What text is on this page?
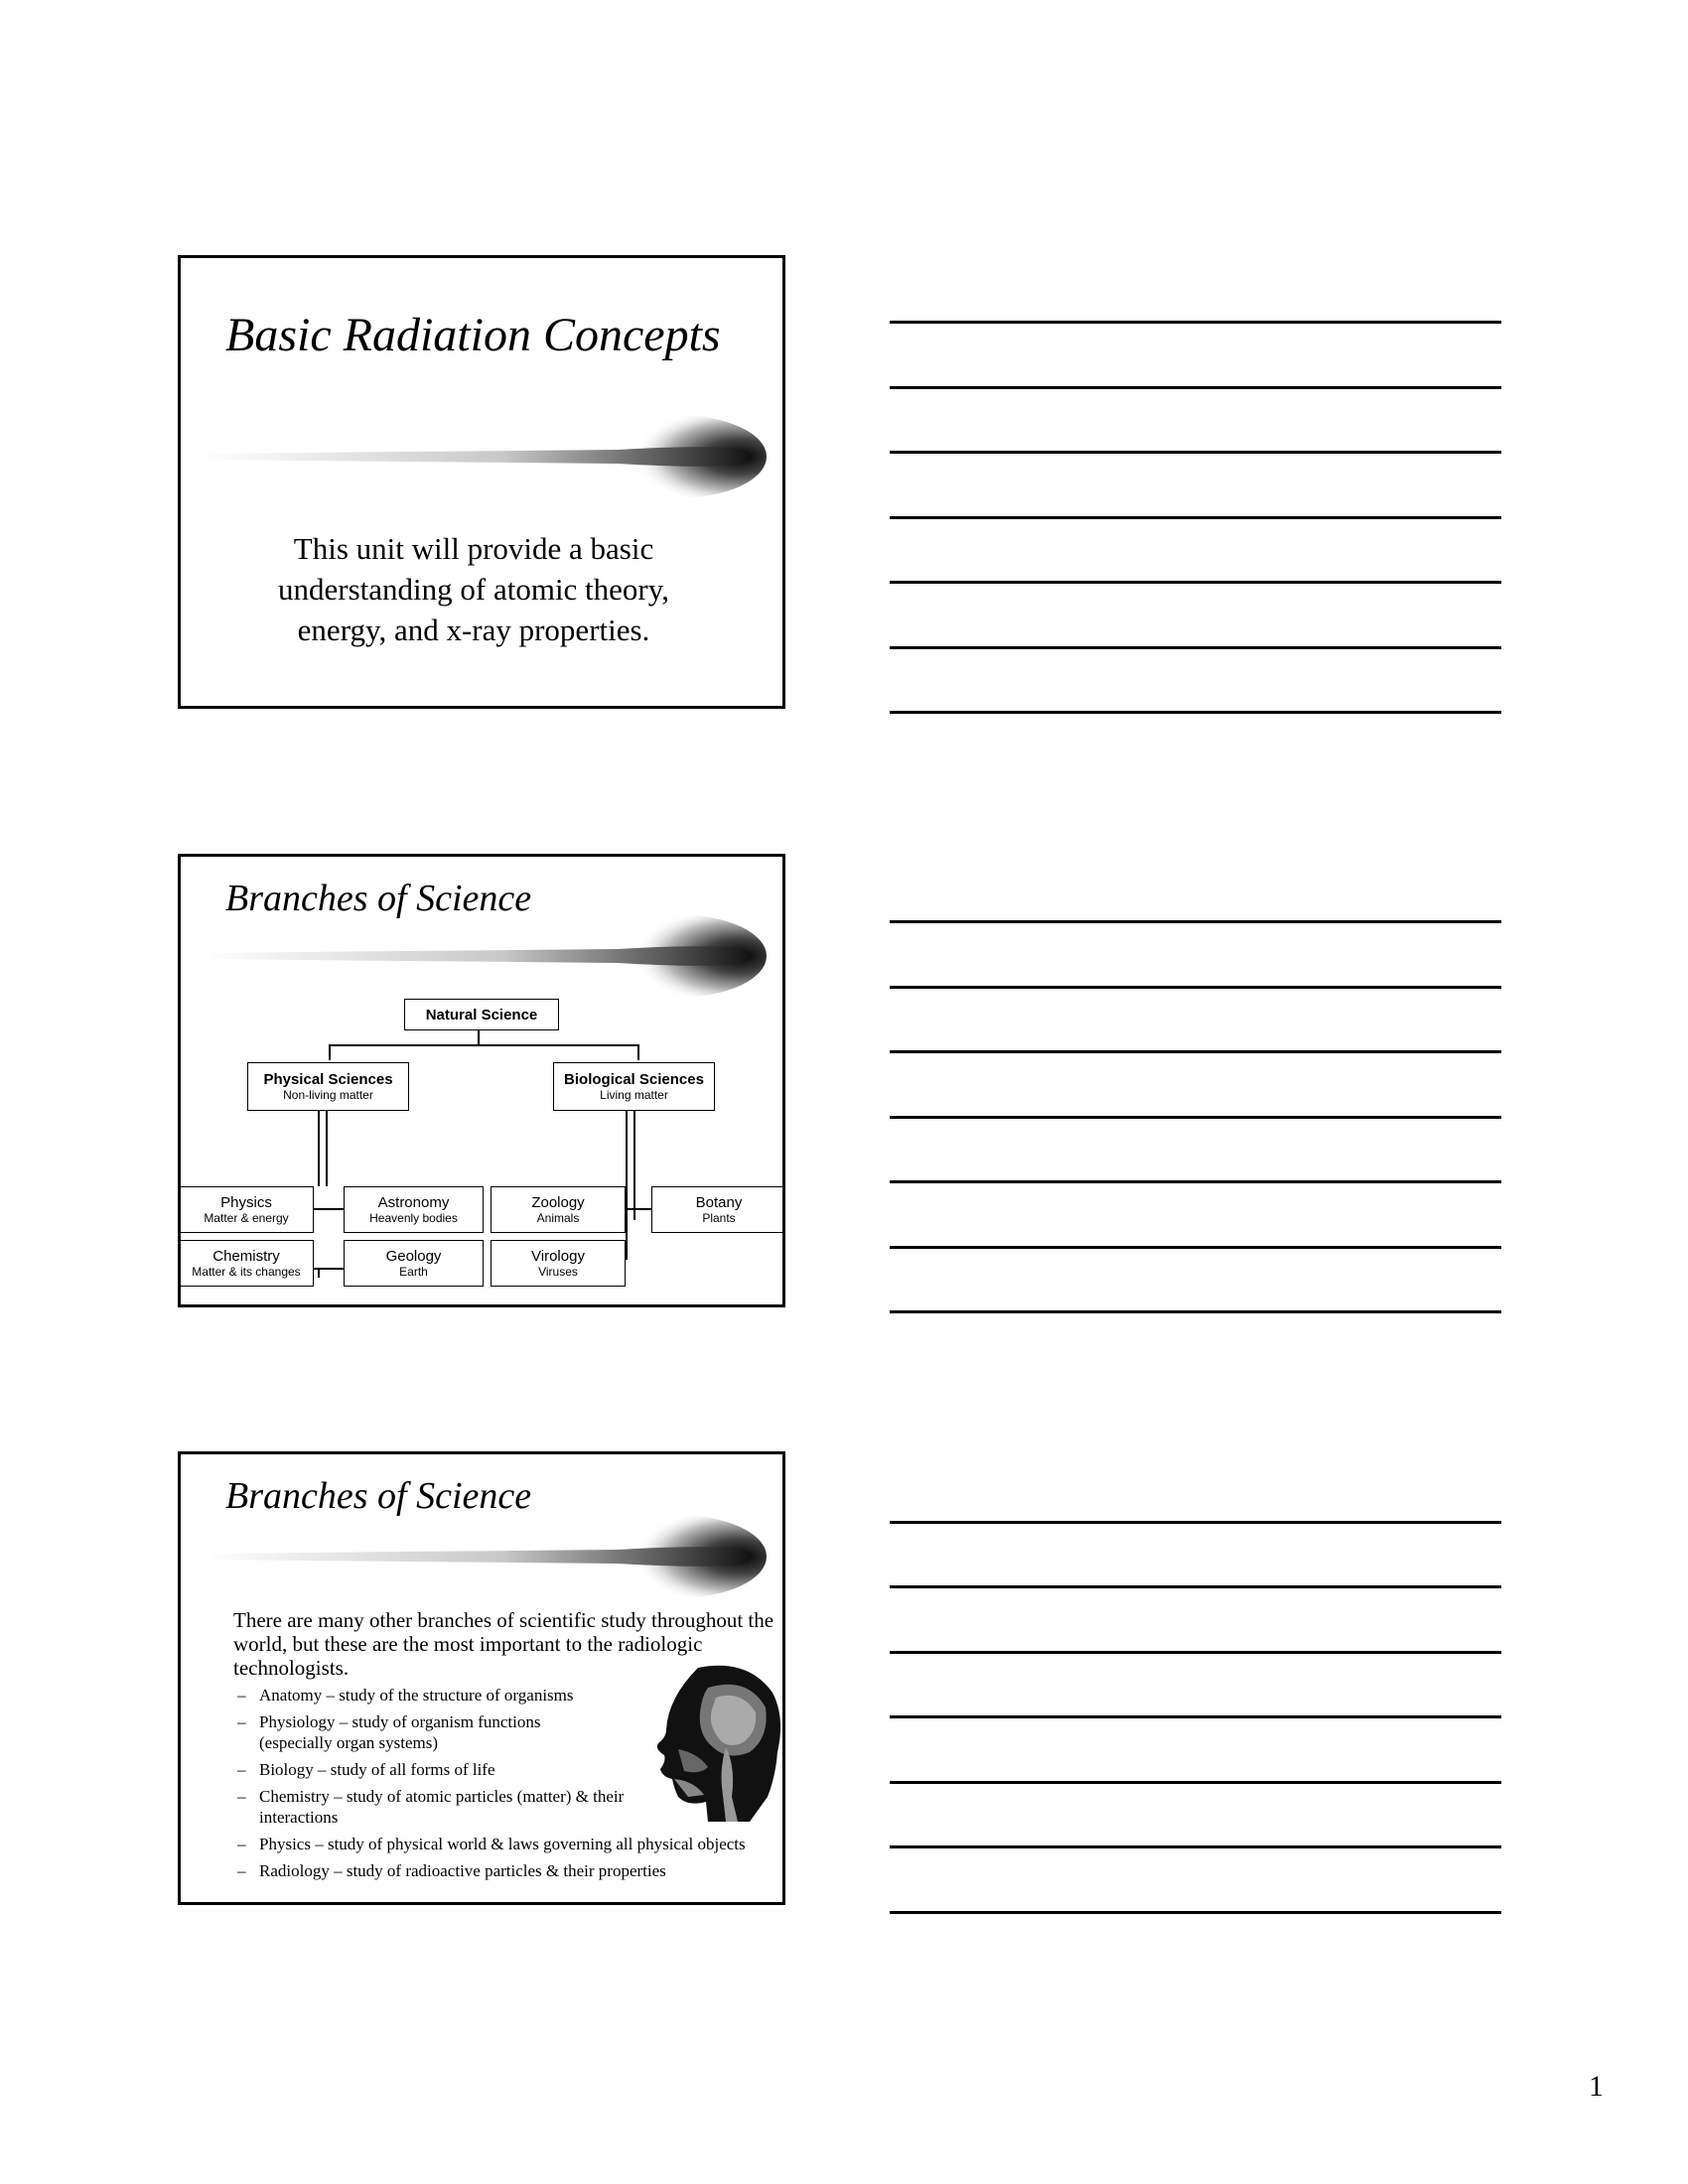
Basic Radiation Concepts
This unit will provide a basic understanding of atomic theory, energy, and x-ray properties.
Branches of Science
Natural Science
Physical Sciences
Non-living matter
Biological Sciences
Living matter
Physics
Matter & energy
Chemistry
Matter & its changes
Astronomy
Heavenly bodies
Geology
Earth
Zoology
Animals
Virology
Viruses
Botany
Plants
Branches of Science
There are many other branches of scientific study throughout the world, but these are the most important to the radiologic technologists.
– Anatomy – study of the structure of organisms
– Physiology – study of organism functions (especially organ systems)
– Biology – study of all forms of life
– Chemistry – study of atomic particles (matter) & their interactions
– Physics – study of physical world & laws governing all physical objects
– Radiology – study of radioactive particles & their properties
1
